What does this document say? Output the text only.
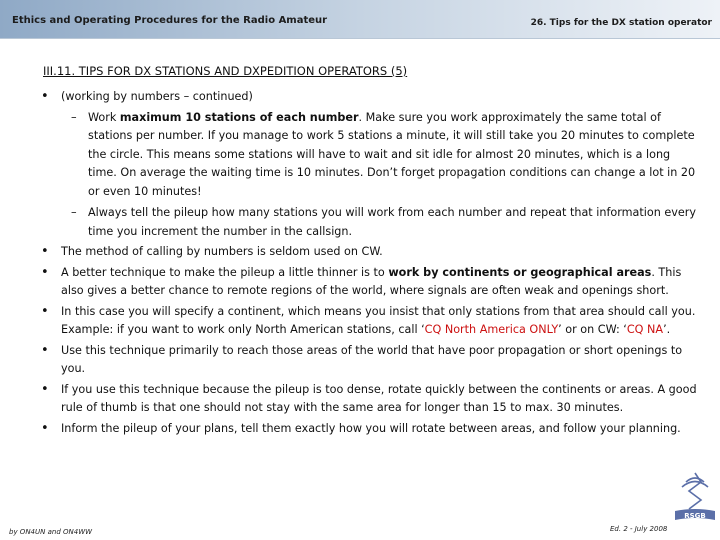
Ethics and Operating Procedures for the Radio Amateur	26. Tips for the DX station operator
III.11. TIPS FOR DX STATIONS AND DXPEDITION OPERATORS (5)
• (working by numbers – continued)
– Work maximum 10 stations of each number. Make sure you work approximately the same total of stations per number. If you manage to work 5 stations a minute, it will still take you 20 minutes to complete the circle. This means some stations will have to wait and sit idle for almost 20 minutes, which is a long time. On average the waiting time is 10 minutes. Don’t forget propagation conditions can change a lot in 20 or even 10 minutes!
– Always tell the pileup how many stations you will work from each number and repeat that information every time you increment the number in the callsign.
• The method of calling by numbers is seldom used on CW.
• A better technique to make the pileup a little thinner is to work by continents or geographical areas. This also gives a better chance to remote regions of the world, where signals are often weak and openings short.
• In this case you will specify a continent, which means you insist that only stations from that area should call you. Example: if you want to work only North American stations, call ‘CQ North America ONLY’ or on CW: ‘CQ NA’.
• Use this technique primarily to reach those areas of the world that have poor propagation or short openings to you.
• If you use this technique because the pileup is too dense, rotate quickly between the continents or areas. A good rule of thumb is that one should not stay with the same area for longer than 15 to max. 30 minutes.
• Inform the pileup of your plans, tell them exactly how you will rotate between areas, and follow your planning.
RSGB
by ON4UN and ON4WW	Ed. 2 - July 2008
